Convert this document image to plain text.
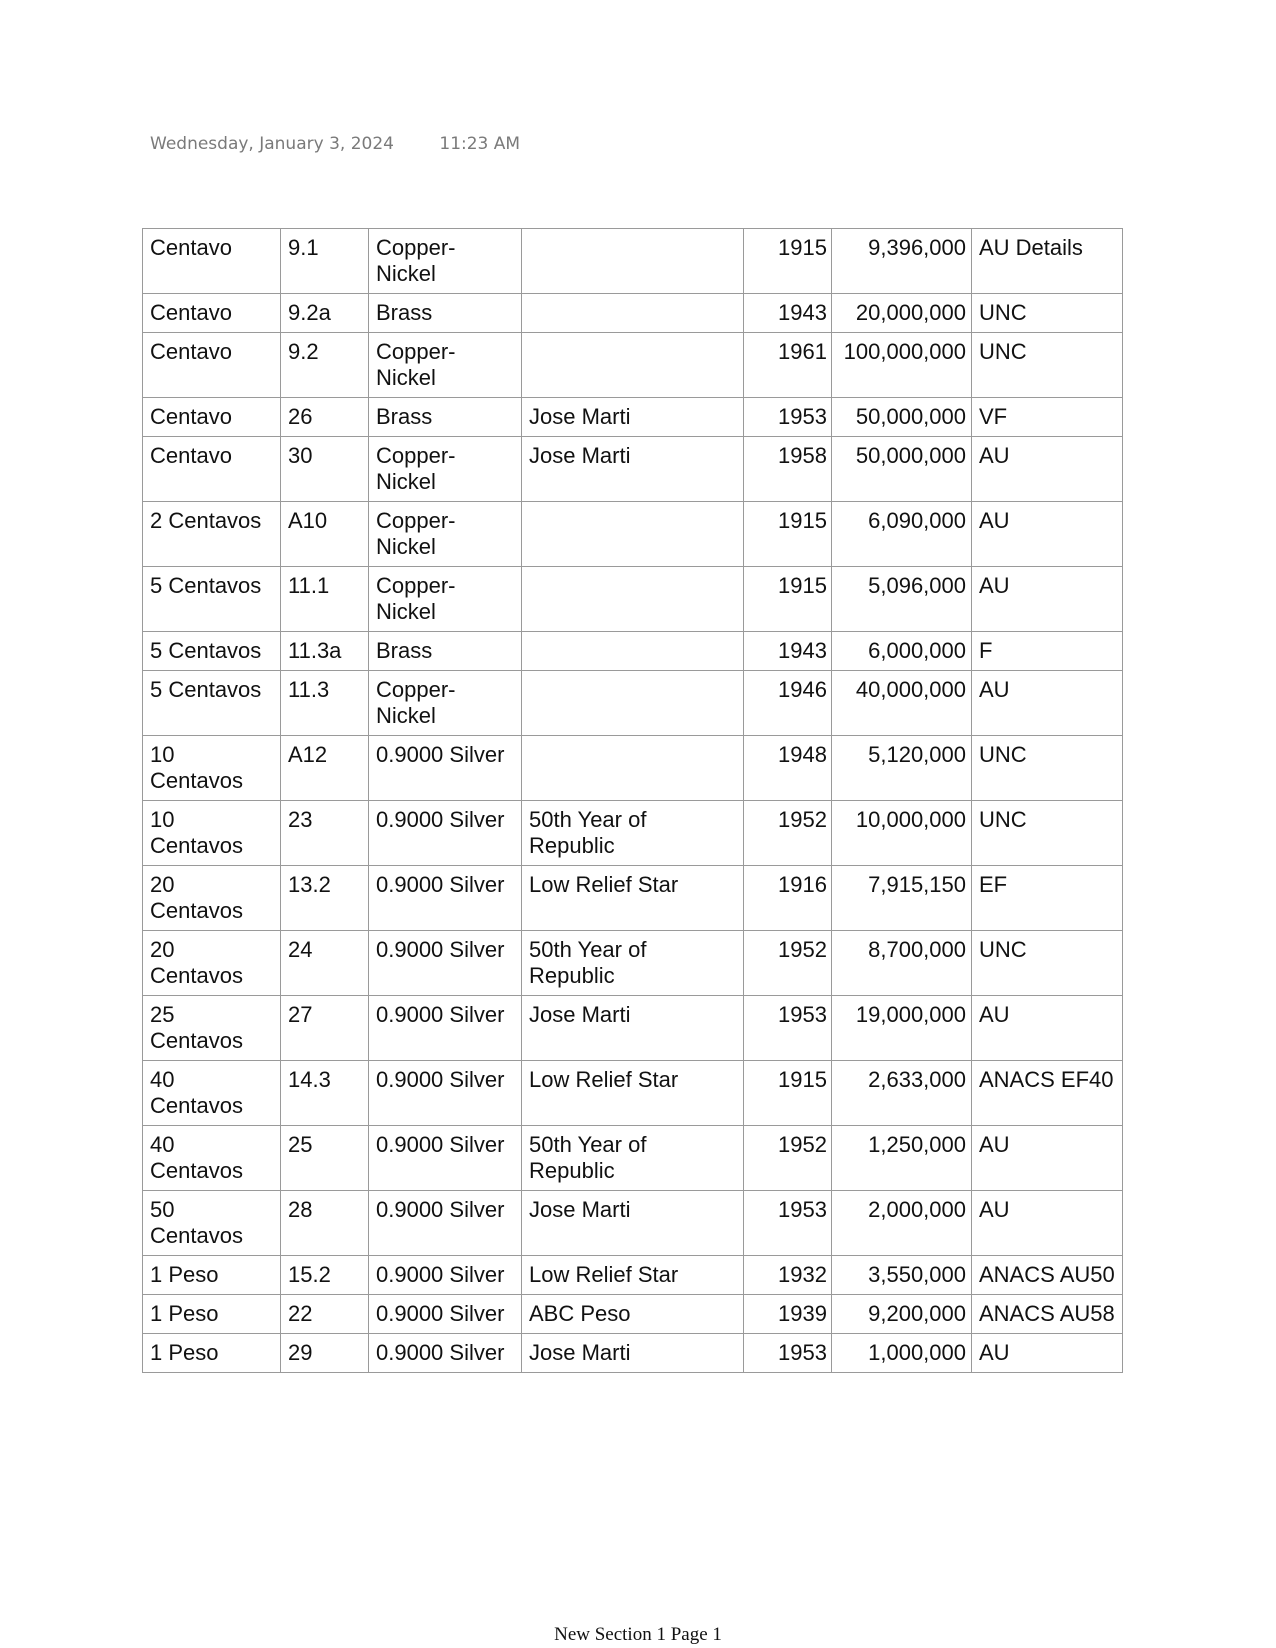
Wednesday, January 3, 2024	11:23 AM
Centavo	9.1	Copper-Nickel		1915	9,396,000	AU Details
Centavo	9.2a	Brass		1943	20,000,000	UNC
Centavo	9.2	Copper-Nickel		1961	100,000,000	UNC
Centavo	26	Brass	Jose Marti	1953	50,000,000	VF
Centavo	30	Copper-Nickel	Jose Marti	1958	50,000,000	AU
2 Centavos	A10	Copper-Nickel		1915	6,090,000	AU
5 Centavos	11.1	Copper-Nickel		1915	5,096,000	AU
5 Centavos	11.3a	Brass		1943	6,000,000	F
5 Centavos	11.3	Copper-Nickel		1946	40,000,000	AU
10 Centavos	A12	0.9000 Silver		1948	5,120,000	UNC
10 Centavos	23	0.9000 Silver	50th Year of Republic	1952	10,000,000	UNC
20 Centavos	13.2	0.9000 Silver	Low Relief Star	1916	7,915,150	EF
20 Centavos	24	0.9000 Silver	50th Year of Republic	1952	8,700,000	UNC
25 Centavos	27	0.9000 Silver	Jose Marti	1953	19,000,000	AU
40 Centavos	14.3	0.9000 Silver	Low Relief Star	1915	2,633,000	ANACS EF40
40 Centavos	25	0.9000 Silver	50th Year of Republic	1952	1,250,000	AU
50 Centavos	28	0.9000 Silver	Jose Marti	1953	2,000,000	AU
1 Peso	15.2	0.9000 Silver	Low Relief Star	1932	3,550,000	ANACS AU50
1 Peso	22	0.9000 Silver	ABC Peso	1939	9,200,000	ANACS AU58
1 Peso	29	0.9000 Silver	Jose Marti	1953	1,000,000	AU
New Section 1 Page 1
